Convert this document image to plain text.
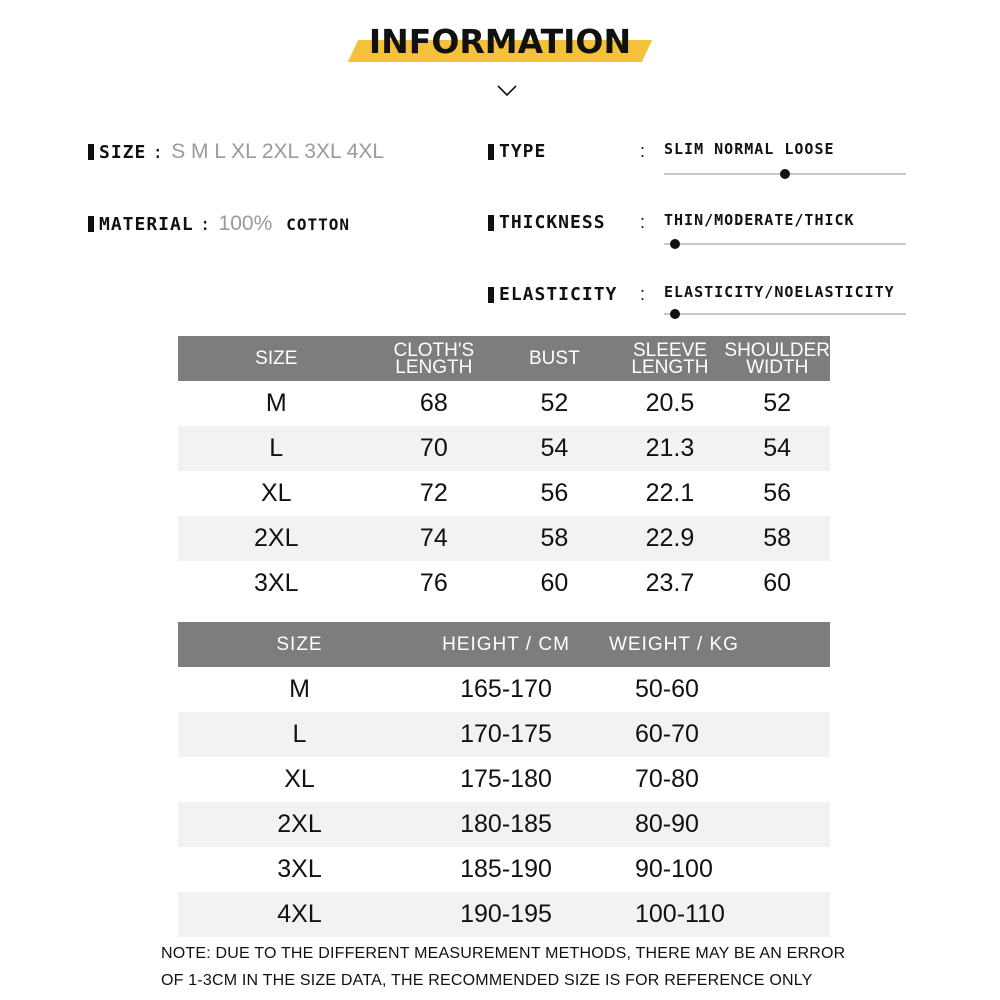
INFORMATION
SIZE : S M L XL 2XL 3XL 4XL
MATERIAL : 100% COTTON
TYPE	: SLIM NORMAL LOOSE
THICKNESS : THIN/MODERATE/THICK
ELASTICITY : ELASTICITY/NOELASTICITY
SIZE	CLOTH'S LENGTH	BUST	SLEEVE LENGTH	SHOULDER WIDTH
M	68	52	20.5	52
L	70	54	21.3	54
XL	72	56	22.1	56
2XL	74	58	22.9	58
3XL	76	60	23.7	60
SIZE	HEIGHT / CM	WEIGHT / KG
M	165-170	50-60
L	170-175	60-70
XL	175-180	70-80
2XL	180-185	80-90
3XL	185-190	90-100
4XL	190-195	100-110
NOTE: DUE TO THE DIFFERENT MEASUREMENT METHODS, THERE MAY BE AN ERROR
OF 1-3CM IN THE SIZE DATA, THE RECOMMENDED SIZE IS FOR REFERENCE ONLY
